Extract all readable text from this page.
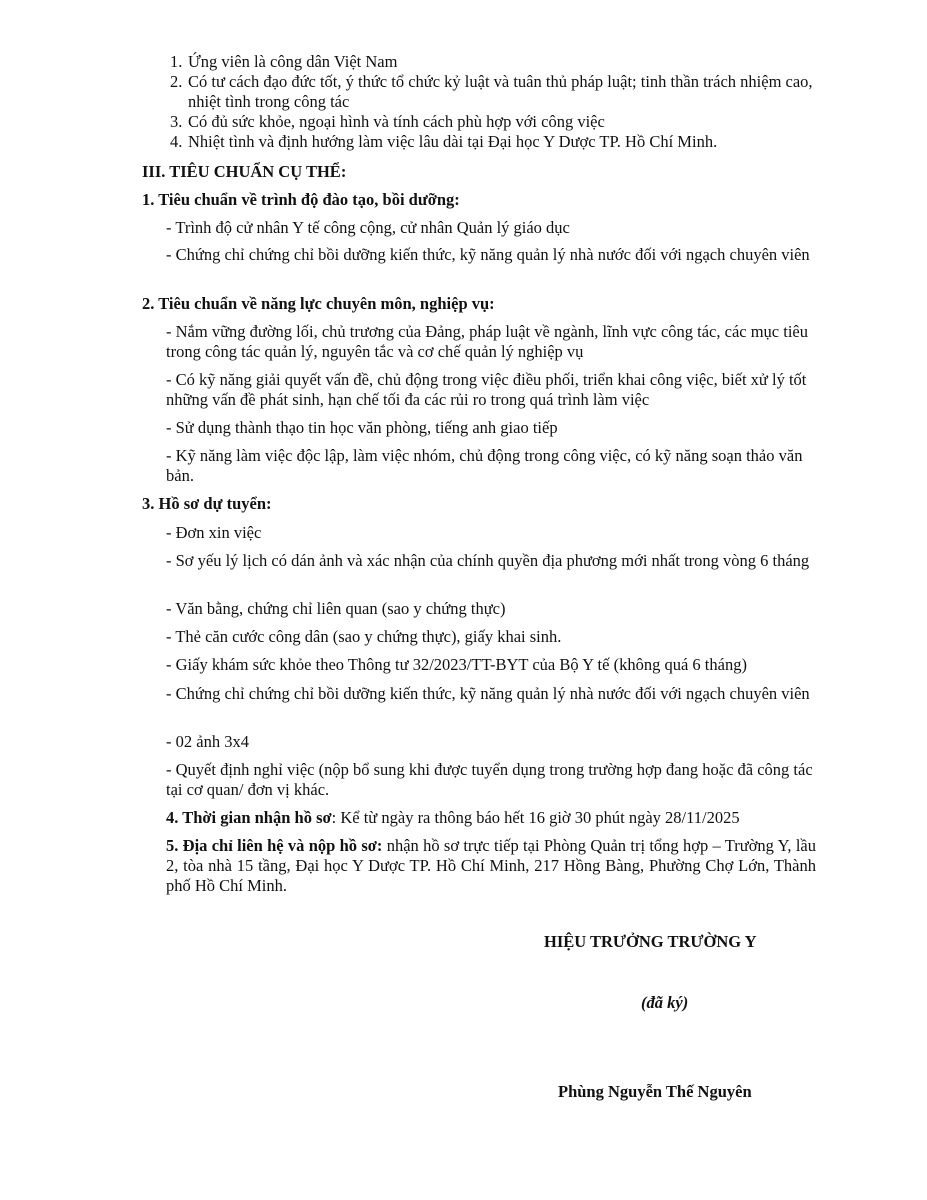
1. Ứng viên là công dân Việt Nam
2. Có tư cách đạo đức tốt, ý thức tổ chức kỷ luật và tuân thủ pháp luật; tinh thần trách nhiệm cao, nhiệt tình trong công tác
3. Có đủ sức khỏe, ngoại hình và tính cách phù hợp với công việc
4. Nhiệt tình và định hướng làm việc lâu dài tại Đại học Y Dược TP. Hồ Chí Minh.
III. TIÊU CHUẨN CỤ THỂ:
1. Tiêu chuẩn về trình độ đào tạo, bồi dưỡng:
- Trình độ cử nhân Y tế công cộng, cử nhân Quản lý giáo dục
- Chứng chỉ chứng chỉ bồi dưỡng kiến thức, kỹ năng quản lý nhà nước đối với ngạch chuyên viên
2. Tiêu chuẩn về năng lực chuyên môn, nghiệp vụ:
- Nắm vững đường lối, chủ trương của Đảng, pháp luật về ngành, lĩnh vực công tác, các mục tiêu trong công tác quản lý, nguyên tắc và cơ chế quản lý nghiệp vụ
- Có kỹ năng giải quyết vấn đề, chủ động trong việc điều phối, triển khai công việc, biết xử lý tốt những vấn đề phát sinh, hạn chế tối đa các rủi ro trong quá trình làm việc
- Sử dụng thành thạo tin học văn phòng, tiếng anh giao tiếp
- Kỹ năng làm việc độc lập, làm việc nhóm, chủ động trong công việc, có kỹ năng soạn thảo văn bản.
3. Hồ sơ dự tuyển:
- Đơn xin việc
- Sơ yếu lý lịch có dán ảnh và xác nhận của chính quyền địa phương mới nhất trong vòng 6 tháng
- Văn bằng, chứng chỉ liên quan (sao y chứng thực)
- Thẻ căn cước công dân (sao y chứng thực), giấy khai sinh.
- Giấy khám sức khỏe theo Thông tư 32/2023/TT-BYT của Bộ Y tế (không quá 6 tháng)
- Chứng chỉ chứng chỉ bồi dưỡng kiến thức, kỹ năng quản lý nhà nước đối với ngạch chuyên viên
- 02 ảnh 3x4
- Quyết định nghỉ việc (nộp bổ sung khi được tuyển dụng trong trường hợp đang hoặc đã công tác tại cơ quan/ đơn vị khác.
4. Thời gian nhận hồ sơ: Kể từ ngày ra thông báo hết 16 giờ 30 phút ngày 28/11/2025
5. Địa chỉ liên hệ và nộp hồ sơ: nhận hồ sơ trực tiếp tại Phòng Quản trị tổng hợp – Trường Y, lầu 2, tòa nhà 15 tầng, Đại học Y Dược TP. Hồ Chí Minh, 217 Hồng Bàng, Phường Chợ Lớn, Thành phố Hồ Chí Minh.
HIỆU TRƯỞNG TRƯỜNG Y
(đã ký)
Phùng Nguyễn Thế Nguyên
